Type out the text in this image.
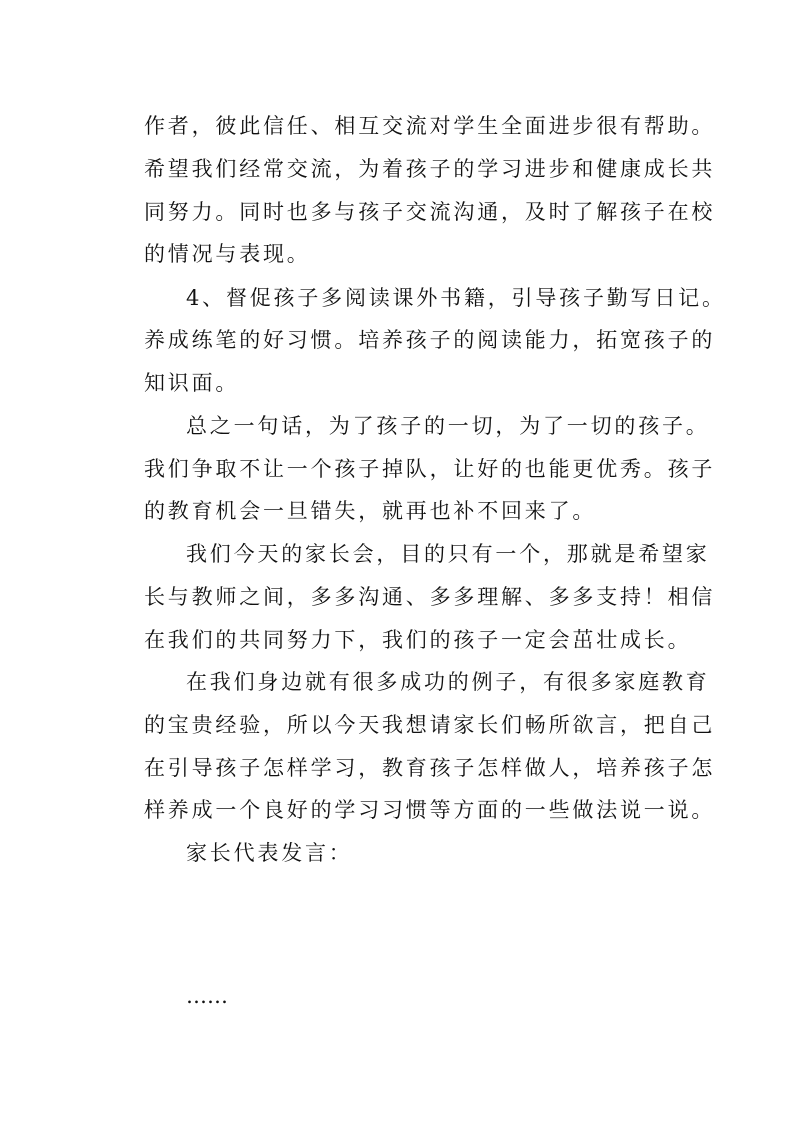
作者，彼此信任、相互交流对学生全面进步很有帮助。
希望我们经常交流，为着孩子的学习进步和健康成长共
同努力。同时也多与孩子交流沟通，及时了解孩子在校
的情况与表现。
4、督促孩子多阅读课外书籍，引导孩子勤写日记。
养成练笔的好习惯。培养孩子的阅读能力，拓宽孩子的
知识面。
总之一句话，为了孩子的一切，为了一切的孩子。
我们争取不让一个孩子掉队，让好的也能更优秀。孩子
的教育机会一旦错失，就再也补不回来了。
我们今天的家长会，目的只有一个，那就是希望家
长与教师之间，多多沟通、多多理解、多多支持！相信
在我们的共同努力下，我们的孩子一定会茁壮成长。
在我们身边就有很多成功的例子，有很多家庭教育
的宝贵经验，所以今天我想请家长们畅所欲言，把自己
在引导孩子怎样学习，教育孩子怎样做人，培养孩子怎
样养成一个良好的学习习惯等方面的一些做法说一说。
家长代表发言：
……
